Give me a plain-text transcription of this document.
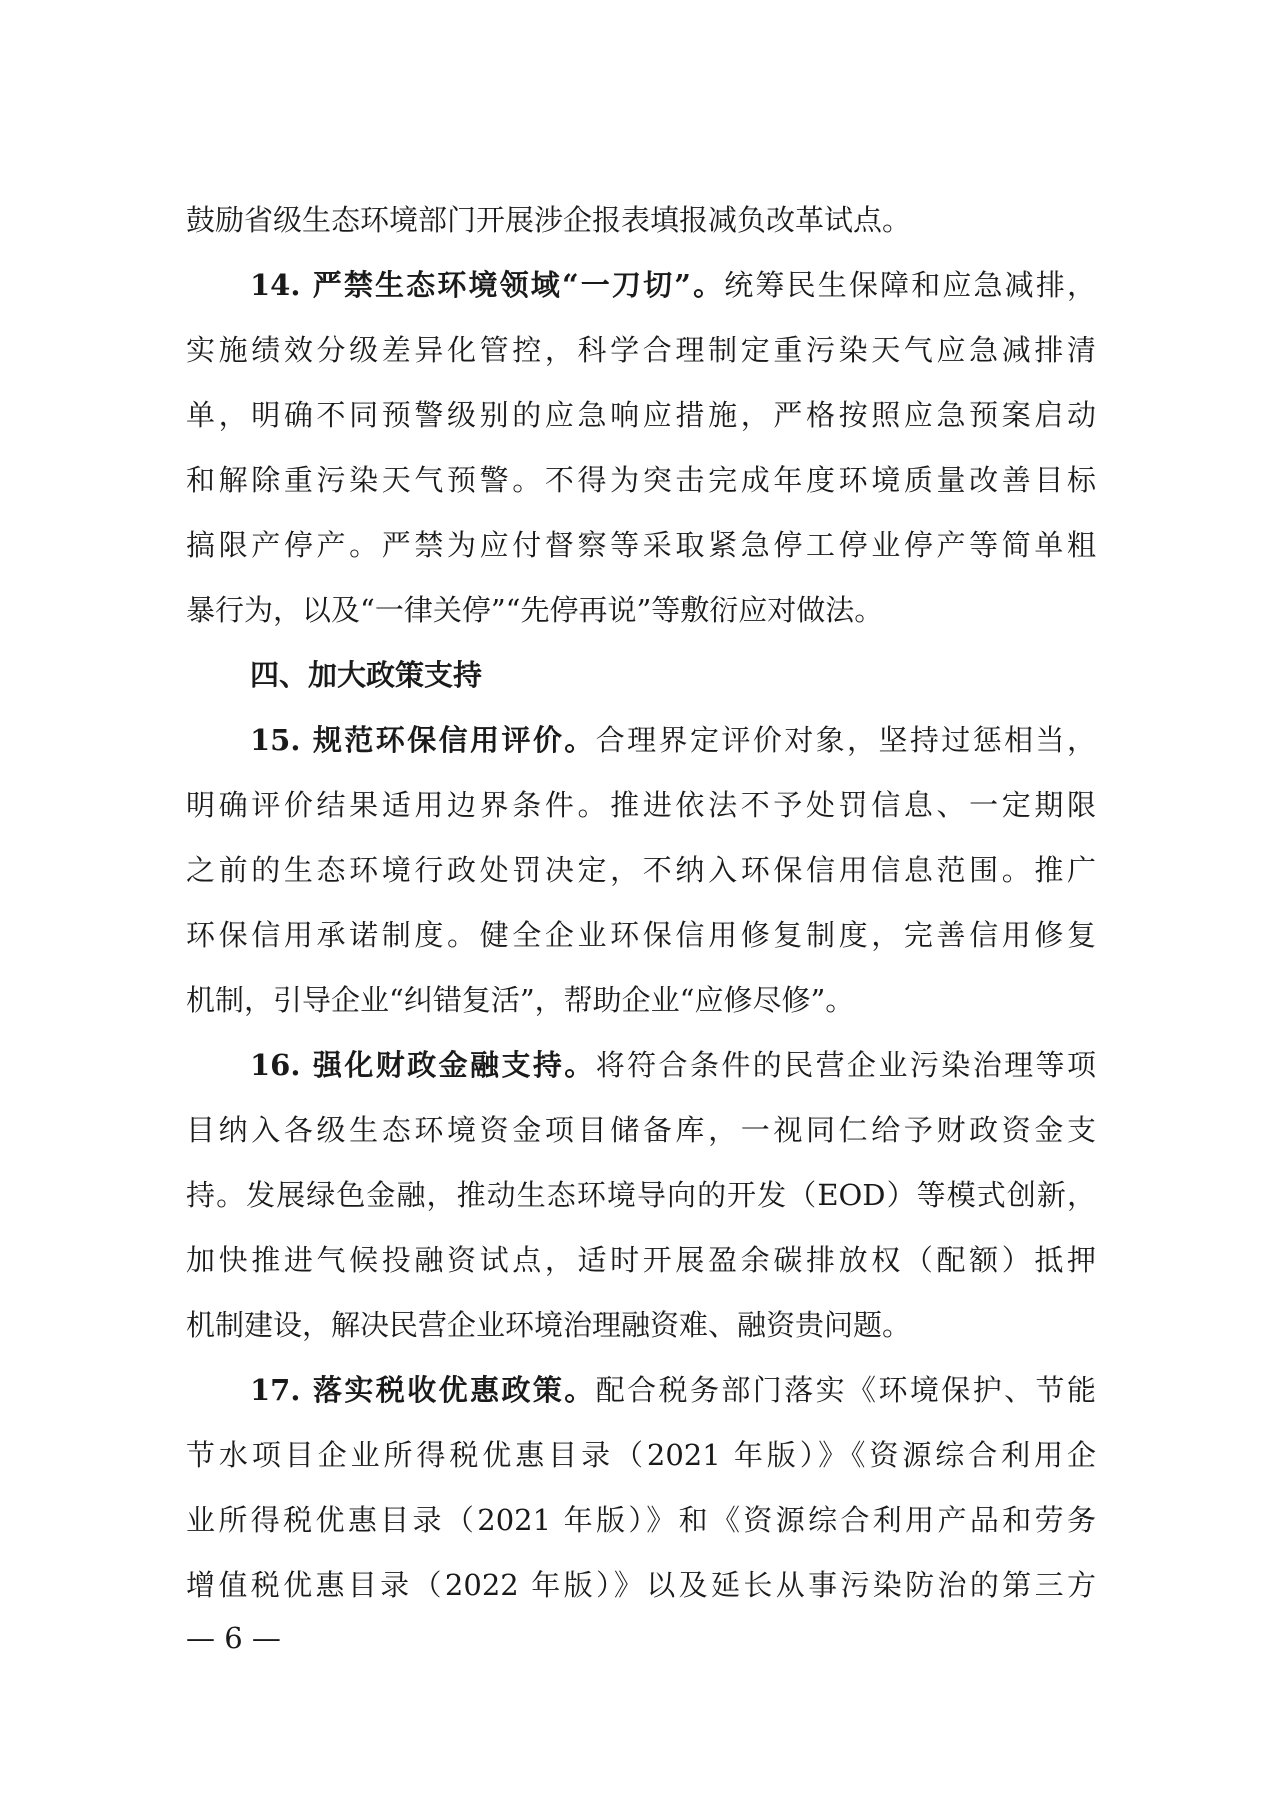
鼓励省级生态环境部门开展涉企报表填报减负改革试点。
14. 严禁生态环境领域“一刀切”。统筹民生保障和应急减排，
实施绩效分级差异化管控，科学合理制定重污染天气应急减排清
单，明确不同预警级别的应急响应措施，严格按照应急预案启动
和解除重污染天气预警。不得为突击完成年度环境质量改善目标
搞限产停产。严禁为应付督察等采取紧急停工停业停产等简单粗
暴行为，以及“一律关停”“先停再说”等敷衍应对做法。
四、加大政策支持
15. 规范环保信用评价。合理界定评价对象，坚持过惩相当，
明确评价结果适用边界条件。推进依法不予处罚信息、一定期限
之前的生态环境行政处罚决定，不纳入环保信用信息范围。推广
环保信用承诺制度。健全企业环保信用修复制度，完善信用修复
机制，引导企业“纠错复活”，帮助企业“应修尽修”。
16. 强化财政金融支持。将符合条件的民营企业污染治理等项
目纳入各级生态环境资金项目储备库，一视同仁给予财政资金支
持。发展绿色金融，推动生态环境导向的开发（EOD）等模式创新，
加快推进气候投融资试点，适时开展盈余碳排放权（配额）抵押
机制建设，解决民营企业环境治理融资难、融资贵问题。
17. 落实税收优惠政策。配合税务部门落实《环境保护、节能
节水项目企业所得税优惠目录（2021 年版）》《资源综合利用企
业所得税优惠目录（2021 年版）》和《资源综合利用产品和劳务
增值税优惠目录（2022 年版）》以及延长从事污染防治的第三方
— 6 —
